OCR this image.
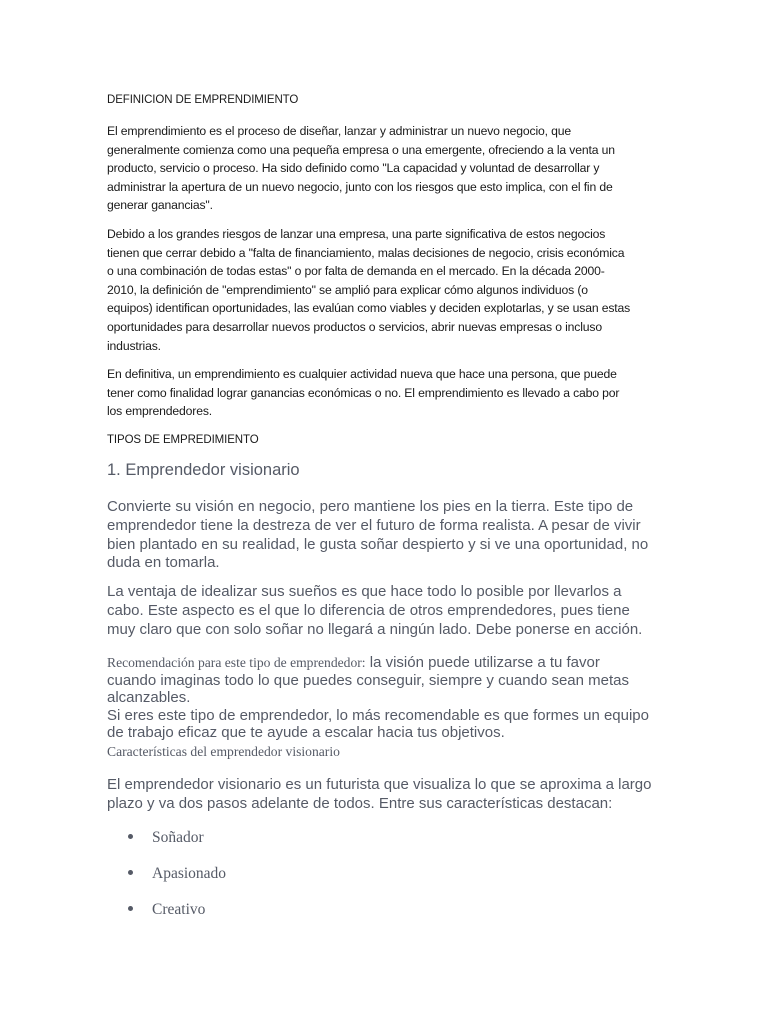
DEFINICION DE EMPRENDIMIENTO

El emprendimiento es el proceso de diseñar, lanzar y administrar un nuevo negocio, que
generalmente comienza como una pequeña empresa o una emergente, ofreciendo a la venta un
producto, servicio o proceso. Ha sido definido como "La capacidad y voluntad de desarrollar y
administrar la apertura de un nuevo negocio, junto con los riesgos que esto implica, con el fin de
generar ganancias".
Debido a los grandes riesgos de lanzar una empresa, una parte significativa de estos negocios
tienen que cerrar debido a "falta de financiamiento, malas decisiones de negocio, crisis económica
o una combinación de todas estas" o por falta de demanda en el mercado. En la década 2000-
2010, la definición de "emprendimiento" se amplió para explicar cómo algunos individuos (o
equipos) identifican oportunidades, las evalúan como viables y deciden explotarlas, y se usan estas
oportunidades para desarrollar nuevos productos o servicios, abrir nuevas empresas o incluso
industrias.
En definitiva, un emprendimiento es cualquier actividad nueva que hace una persona, que puede
tener como finalidad lograr ganancias económicas o no. El emprendimiento es llevado a cabo por
los emprendedores.

TIPOS DE EMPREDIMIENTO

1. Emprendedor visionario

Convierte su visión en negocio, pero mantiene los pies en la tierra. Este tipo de
emprendedor tiene la destreza de ver el futuro de forma realista. A pesar de vivir
bien plantado en su realidad, le gusta soñar despierto y si ve una oportunidad, no
duda en tomarla.
La ventaja de idealizar sus sueños es que hace todo lo posible por llevarlos a
cabo. Este aspecto es el que lo diferencia de otros emprendedores, pues tiene
muy claro que con solo soñar no llegará a ningún lado. Debe ponerse en acción.
Recomendación para este tipo de emprendedor: la visión puede utilizarse a tu favor
cuando imaginas todo lo que puedes conseguir, siempre y cuando sean metas
alcanzables.
Si eres este tipo de emprendedor, lo más recomendable es que formes un equipo
de trabajo eficaz que te ayude a escalar hacia tus objetivos.

Características del emprendedor visionario

El emprendedor visionario es un futurista que visualiza lo que se aproxima a largo
plazo y va dos pasos adelante de todos. Entre sus características destacan:

Soñador

Apasionado

Creativo
